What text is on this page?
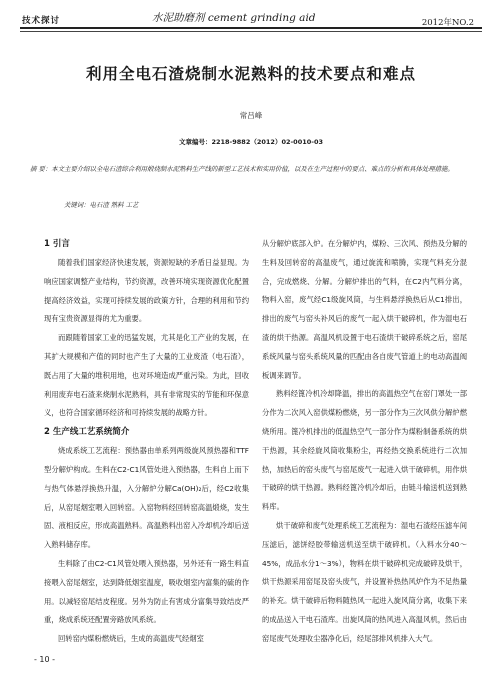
技术探讨	水泥助磨剂 cement grinding aid	2012年NO.2
利用全电石渣烧制水泥熟料的技术要点和难点
常吕峰
文章编号：2218-9882（2012）02-0010-03
摘 要：本文主要介绍以全电石渣综合利用煅烧制水泥熟料生产线的新型工艺技术和实用价值，以及在生产过程中的要点、难点的分析和具体处理措施。
关键词：电石渣 熟料 工艺
1 引言

随着我们国家经济快速发展，资源短缺的矛盾日益显现。为响应国家调整产业结构，节约资源，改善环境实现资源优化配置提高经济效益，实现可持续发展的政策方针，合理的利用和节约现有宝贵资源显得的尤为重要。

而跟随着国家工业的迅猛发展，尤其是化工产业的发展，在其扩大规模和产值的同时也产生了大量的工业废渣（电石渣），既占用了大量的堆积用地，也对环境造成严重污染。为此，回收利用废弃电石渣来烧制水泥熟料，具有非常现实的节能和环保意义，也符合国家循环经济和可持续发展的战略方针。

2 生产线工艺系统简介

烧成系统工艺流程：预热器由单系列两级旋风预热器和TTF型分解炉构成。生料在C2-C1风管处进入预热器，生料自上而下与热气体悬浮换热升温，入分解炉分解Ca(OH)₂后，经C2收集后，从窑尾烟室喂入回转窑。入窑物料经回转窑高温煅烧，发生固、液相反应，形成高温熟料。高温熟料出窑入冷却机冷却后送入熟料储存库。

生料除了由C2-C1风管处喂入预热器，另外还有一路生料直接喂入窑尾烟室，达到降低烟室温度，吸收烟室内富集的硫的作用。以减轻窑尾结皮程度。另外为防止有害成分富集导致结皮严重，烧成系统还配置旁路放风系统。

回转窑内煤粉燃烧后，生成的高温废气经烟室

从分解炉底部入炉。在分解炉内，煤粉、三次风、预热及分解的生料及回转窑的高温废气，通过旋流和喷腾，实现气料充分混合，完成燃烧、分解。分解炉排出的气料，在C2内气料分离，物料入窑，废气经C1级旋风筒，与生料悬浮换热后从C1排出，排出的废气与窑头补风后的废气一起入烘干破碎机，作为湿电石渣的烘干热源。高温风机设置于电石渣烘干破碎系统之后，窑尾系统风量与窑头系统风量的匹配由各自废气管道上的电动高温阀板调来调节。

熟料经篦冷机冷却降温，排出的高温热空气在窑门罩处一部分作为二次风入窑供煤粉燃烧，另一部分作为三次风供分解炉燃烧所用。篦冷机排出的低温热空气一部分作为煤粉制备系统的烘干热源，其余经旋风筒收集粉尘，再经热交换系统进行二次加热，加热后的窑头废气与窑尾废气一起进入烘干破碎机，用作烘干破碎的烘干热源。熟料经篦冷机冷却后，由链斗输送机送到熟料库。

烘干破碎和废气处理系统工艺流程为：湿电石渣经压滤车间压滤后，滤饼经胶带输送机送至烘干破碎机。（入料水分40～45%，成品水分1～3%），物料在烘干破碎机完成破碎及烘干，烘干热源采用窑尾及窑头废气，并设置补热热风炉作为不足热量的补充。烘干破碎后物料随热风一起进入旋风筒分离，收集下来的成品送入干电石渣库。出旋风筒的热风进入高温风机，然后由窑尾废气处理收尘器净化后，经尾部排风机排入大气。

- 10 -
